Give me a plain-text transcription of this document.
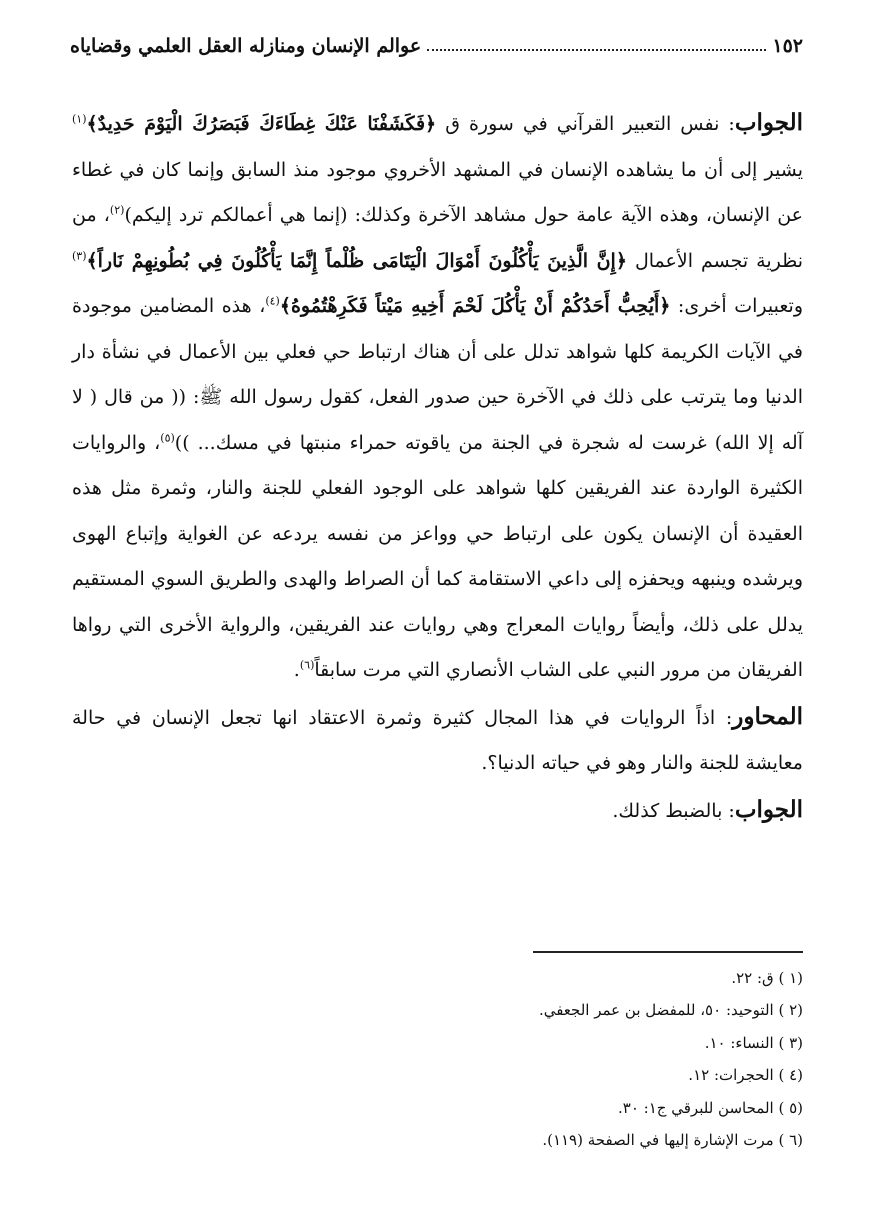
١٥٢
عوالم الإنسان ومنازله العقل العلمي وقضاياه

الجواب: نفس التعبير القرآني في سورة ق ﴿فَكَشَفْنَا عَنْكَ غِطَاءَكَ فَبَصَرُكَ الْيَوْمَ حَدِيدٌ﴾$^{(١)}$ يشير إلى أن ما يشاهده الإنسان في المشهد الأخروي موجود منذ السابق وإنما كان في غطاء عن الإنسان، وهذه الآية عامة حول مشاهد الآخرة وكذلك: (إنما هي أعمالكم ترد إليكم)$^{(٢)}$، من نظرية تجسم الأعمال ﴿إِنَّ الَّذِينَ يَأْكُلُونَ أَمْوَالَ الْيَتَامَى ظُلْماً إِنَّمَا يَأْكُلُونَ فِي بُطُونِهِمْ نَاراً﴾$^{(٣)}$ وتعبيرات أخرى: ﴿أَيُحِبُّ أَحَدُكُمْ أَنْ يَأْكُلَ لَحْمَ أَخِيهِ مَيْتاً فَكَرِهْتُمُوهُ﴾$^{(٤)}$، هذه المضامين موجودة في الآيات الكريمة كلها شواهد تدلل على أن هناك ارتباط حي فعلي بين الأعمال في نشأة دار الدنيا وما يترتب على ذلك في الآخرة حين صدور الفعل، كقول رسول الله ﷺ: (( من قال ( لا آله إلا الله) غرست له شجرة في الجنة من ياقوته حمراء منبتها في مسك... ))$^{(٥)}$، والروايات الكثيرة الواردة عند الفريقين كلها شواهد على الوجود الفعلي للجنة والنار، وثمرة مثل هذه العقيدة أن الإنسان يكون على ارتباط حي وواعز من نفسه يردعه عن الغواية وإتباع الهوى ويرشده وينبهه ويحفزه إلى داعي الاستقامة كما أن الصراط والهدى والطريق السوي المستقيم يدلل على ذلك، وأيضاً روايات المعراج وهي روايات عند الفريقين، والرواية الأخرى التي رواها الفريقان من مرور النبي على الشاب الأنصاري التي مرت سابقاً$^{(٦)}$.

المحاور: اذاً الروايات في هذا المجال كثيرة وثمرة الاعتقاد انها تجعل الإنسان في حالة معايشة للجنة والنار وهو في حياته الدنيا؟.

الجواب: بالضبط كذلك.

(١ ) ق: ٢٢.
(٢ ) التوحيد: ٥٠، للمفضل بن عمر الجعفي.
(٣ ) النساء: ١٠.
(٤ ) الحجرات: ١٢.
(٥ ) المحاسن للبرقي ج١: ٣٠.
(٦ ) مرت الإشارة إليها في الصفحة (١١٩).
